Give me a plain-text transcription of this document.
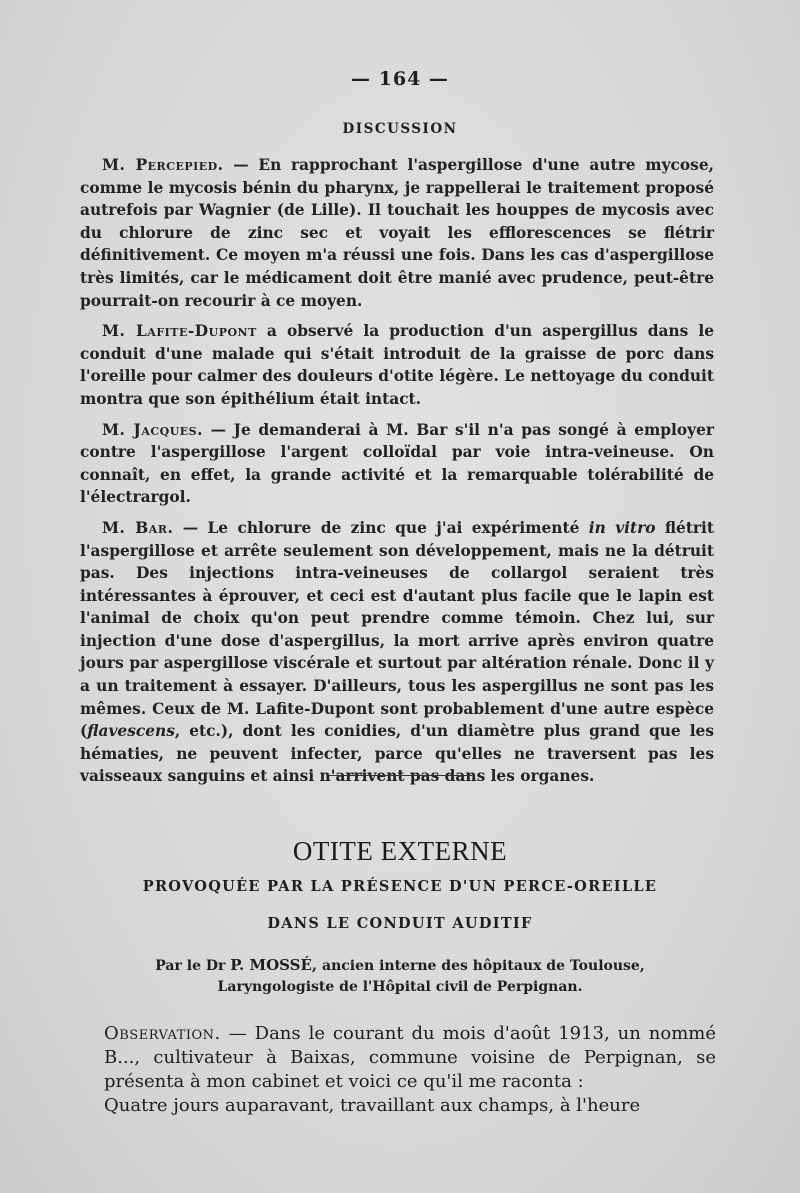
— 164 —
DISCUSSION

M. Percepied. — En rapprochant l'aspergillose d'une autre mycose, comme le mycosis bénin du pharynx, je rappellerai le traitement proposé autrefois par Wagnier (de Lille). Il touchait les houppes de mycosis avec du chlorure de zinc sec et voyait les efflorescences se flétrir définitivement. Ce moyen m'a réussi une fois. Dans les cas d'aspergillose très limités, car le médicament doit être manié avec prudence, peut-être pourrait-on recourir à ce moyen.

M. Lafite-Dupont a observé la production d'un aspergillus dans le conduit d'une malade qui s'était introduit de la graisse de porc dans l'oreille pour calmer des douleurs d'otite légère. Le nettoyage du conduit montra que son épithélium était intact.

M. Jacques. — Je demanderai à M. Bar s'il n'a pas songé à employer contre l'aspergillose l'argent colloïdal par voie intra-veineuse. On connaît, en effet, la grande activité et la remarquable tolérabilité de l'électrargol.

M. Bar. — Le chlorure de zinc que j'ai expérimenté in vitro flétrit l'aspergillose et arrête seulement son développement, mais ne la détruit pas. Des injections intra-veineuses de collargol seraient très intéressantes à éprouver, et ceci est d'autant plus facile que le lapin est l'animal de choix qu'on peut prendre comme témoin. Chez lui, sur injection d'une dose d'aspergillus, la mort arrive après environ quatre jours par aspergillose viscérale et surtout par altération rénale. Donc il y a un traitement à essayer. D'ailleurs, tous les aspergillus ne sont pas les mêmes. Ceux de M. Lafite-Dupont sont probablement d'une autre espèce (flavescens, etc.), dont les conidies, d'un diamètre plus grand que les hématies, ne peuvent infecter, parce qu'elles ne traversent pas les vaisseaux sanguins et ainsi n'arrivent pas dans les organes.

OTITE EXTERNE
PROVOQUÉE PAR LA PRÉSENCE D'UN PERCE-OREILLE
DANS LE CONDUIT AUDITIF
Par le Dr P. MOSSÉ, ancien interne des hôpitaux de Toulouse,
Laryngologiste de l'Hôpital civil de Perpignan.

Observation. — Dans le courant du mois d'août 1913, un nommé B..., cultivateur à Baixas, commune voisine de Perpignan, se présenta à mon cabinet et voici ce qu'il me raconta :

Quatre jours auparavant, travaillant aux champs, à l'heure
